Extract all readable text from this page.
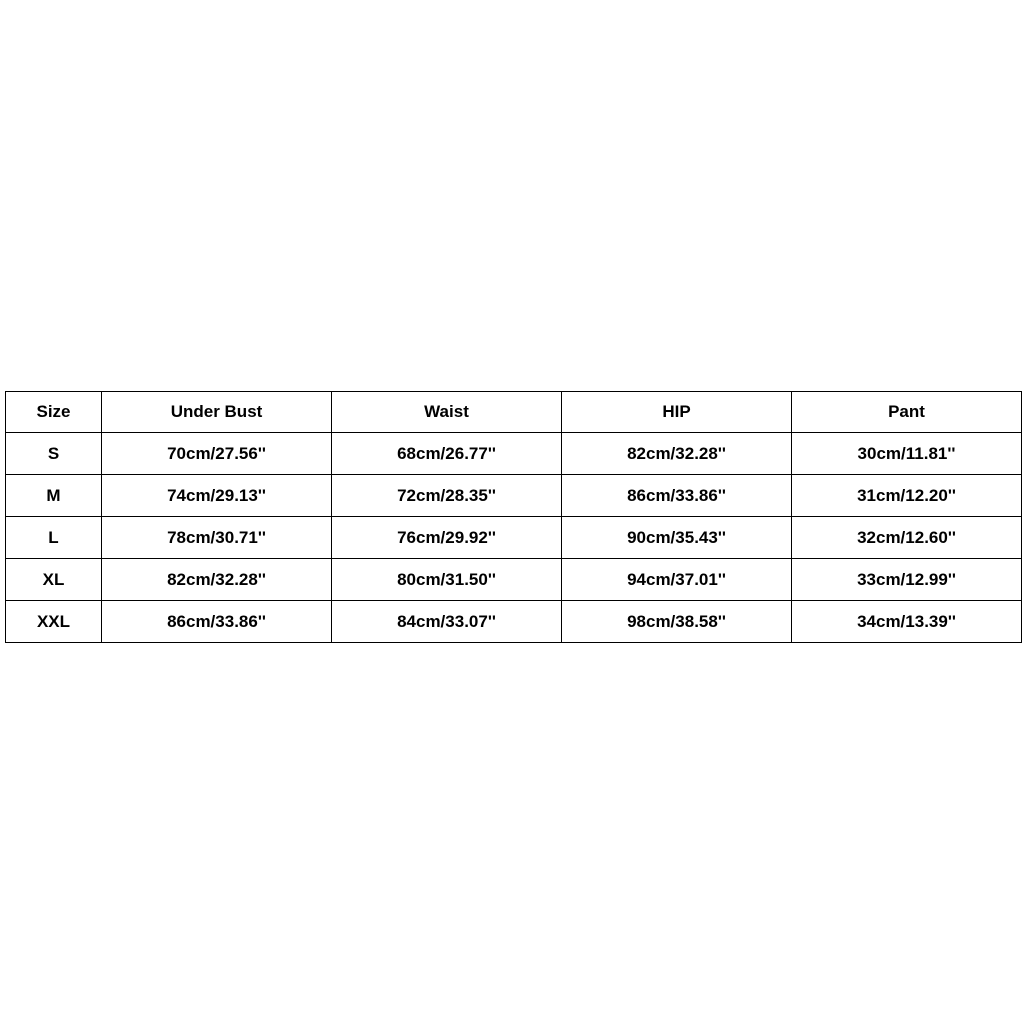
Size	Under Bust	Waist	HIP	Pant
S	70cm/27.56''	68cm/26.77''	82cm/32.28''	30cm/11.81''
M	74cm/29.13''	72cm/28.35''	86cm/33.86''	31cm/12.20''
L	78cm/30.71''	76cm/29.92''	90cm/35.43''	32cm/12.60''
XL	82cm/32.28''	80cm/31.50''	94cm/37.01''	33cm/12.99''
XXL	86cm/33.86''	84cm/33.07''	98cm/38.58''	34cm/13.39''
